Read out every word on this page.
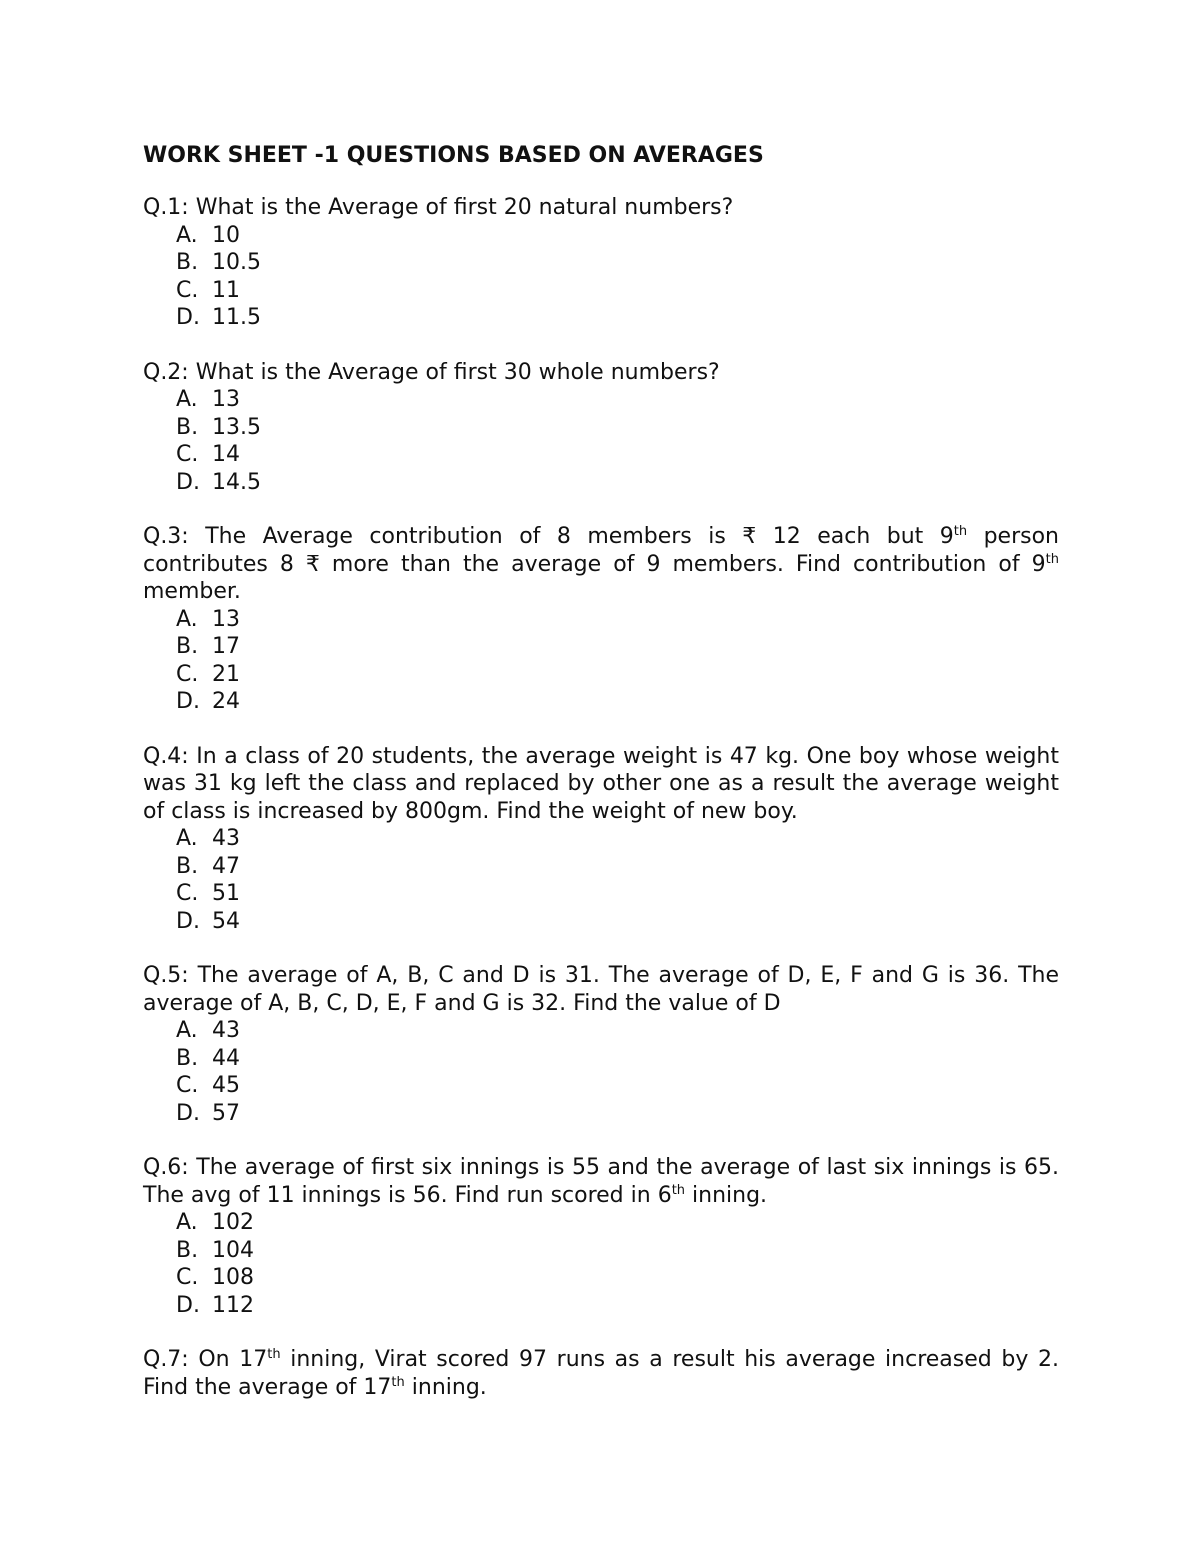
WORK SHEET -1 QUESTIONS BASED ON AVERAGES

Q.1: What is the Average of first 20 natural numbers?

A. 10
B. 10.5
C. 11
D. 11.5

Q.2: What is the Average of first 30 whole numbers?

A. 13
B. 13.5
C. 14
D. 14.5

Q.3: The Average contribution of 8 members is ₹ 12 each but 9th person contributes 8 ₹ more than the average of 9 members. Find contribution of 9th member.

A. 13
B. 17
C. 21
D. 24

Q.4: In a class of 20 students, the average weight is 47 kg. One boy whose weight was 31 kg left the class and replaced by other one as a result the average weight of class is increased by 800gm. Find the weight of new boy.

A. 43
B. 47
C. 51
D. 54

Q.5: The average of A, B, C and D is 31. The average of D, E, F and G is 36. The average of A, B, C, D, E, F and G is 32. Find the value of D

A. 43
B. 44
C. 45
D. 57

Q.6: The average of first six innings is 55 and the average of last six innings is 65. The avg of 11 innings is 56. Find run scored in 6th inning.

A. 102
B. 104
C. 108
D. 112

Q.7: On 17th inning, Virat scored 97 runs as a result his average increased by 2. Find the average of 17th inning.
